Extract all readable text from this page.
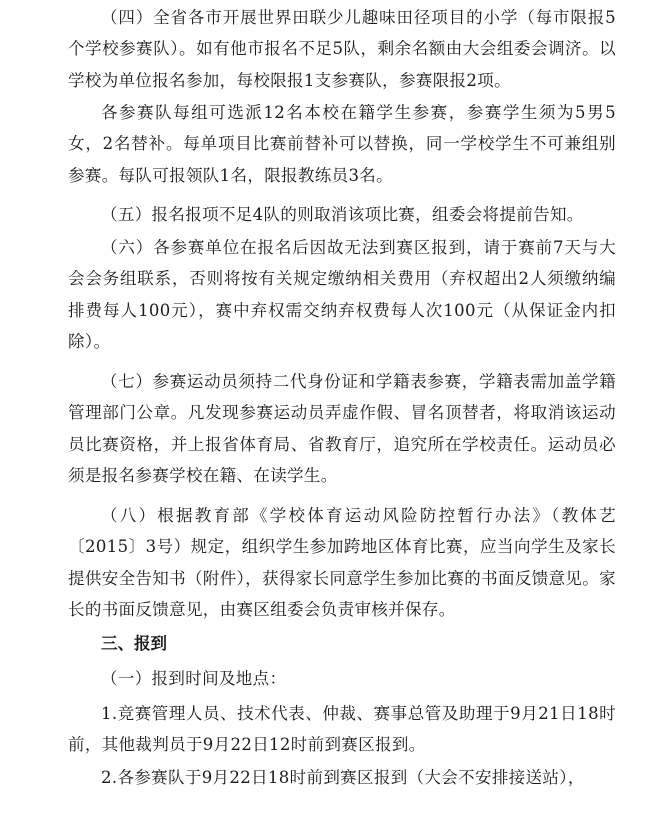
（四）全省各市开展世界田联少儿趣味田径项目的小学（每市限报5个学校参赛队）。如有他市报名不足5队，剩余名额由大会组委会调济。以学校为单位报名参加，每校限报1支参赛队，参赛限报2项。

各参赛队每组可选派12名本校在籍学生参赛，参赛学生须为5男5女，2名替补。每单项目比赛前替补可以替换，同一学校学生不可兼组别参赛。每队可报领队1名，限报教练员3名。

（五）报名报项不足4队的则取消该项比赛，组委会将提前告知。

（六）各参赛单位在报名后因故无法到赛区报到，请于赛前7天与大会会务组联系，否则将按有关规定缴纳相关费用（弃权超出2人须缴纳编排费每人100元），赛中弃权需交纳弃权费每人次100元（从保证金内扣除）。

（七）参赛运动员须持二代身份证和学籍表参赛，学籍表需加盖学籍管理部门公章。凡发现参赛运动员弄虚作假、冒名顶替者，将取消该运动员比赛资格，并上报省体育局、省教育厅，追究所在学校责任。运动员必须是报名参赛学校在籍、在读学生。

（八）根据教育部《学校体育运动风险防控暂行办法》（教体艺〔2015〕3号）规定，组织学生参加跨地区体育比赛，应当向学生及家长提供安全告知书（附件），获得家长同意学生参加比赛的书面反馈意见。家长的书面反馈意见，由赛区组委会负责审核并保存。

三、报到

（一）报到时间及地点：

1.竞赛管理人员、技术代表、仲裁、赛事总管及助理于9月21日18时前，其他裁判员于9月22日12时前到赛区报到。

2.各参赛队于9月22日18时前到赛区报到（大会不安排接送站），
